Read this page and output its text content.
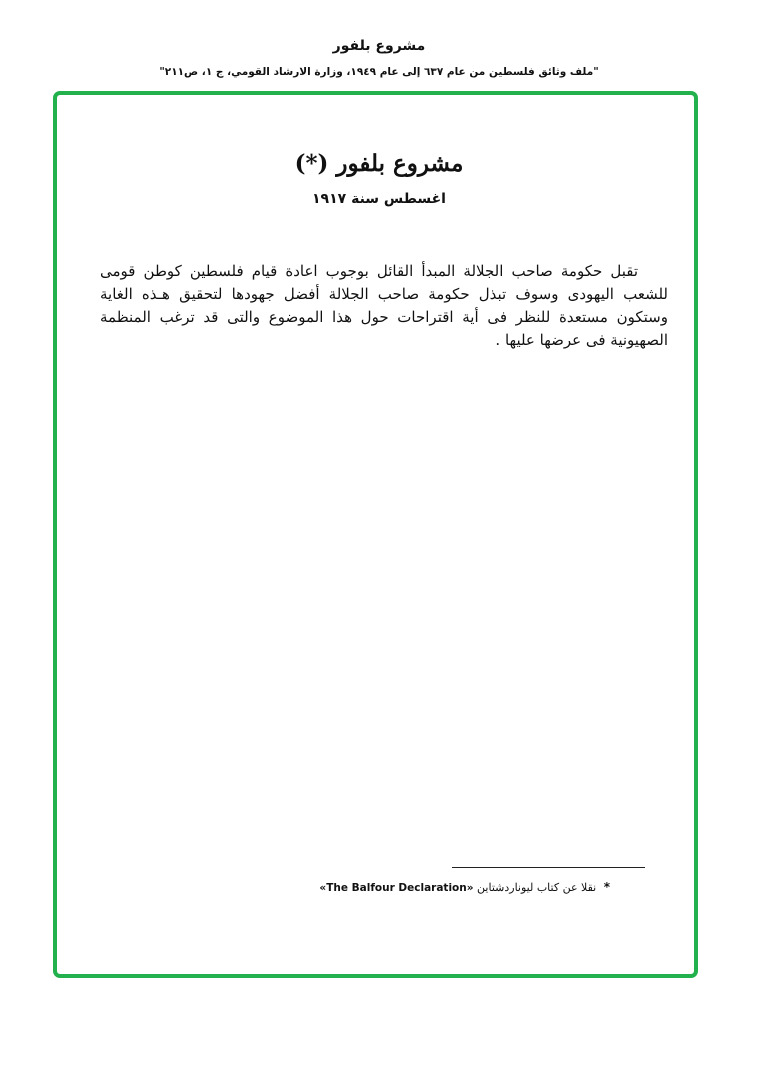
مشروع بلفور
"ملف وثائق فلسطين من عام ٦٣٧ إلى عام ١٩٤٩، وزارة الارشاد القومي، ج ١، ص٢١١"
مشروع بلفور (*)
اغسطس سنة ١٩١٧
تقبل حكومة صاحب الجلالة المبدأ القائل بوجوب اعادة قيام فلسطين كوطن قومى للشعب اليهودى وسوف تبذل حكومة صاحب الجلالة أفضل جهودها لتحقيق هـذه الغاية وستكون مستعدة للنظر فى أية اقتراحات حول هذا الموضوع والتى قد ترغب المنظمة الصهيونية فى عرضها عليها .
* نقلا عن كتاب ليوناردشتاين «The Balfour Declaration»
